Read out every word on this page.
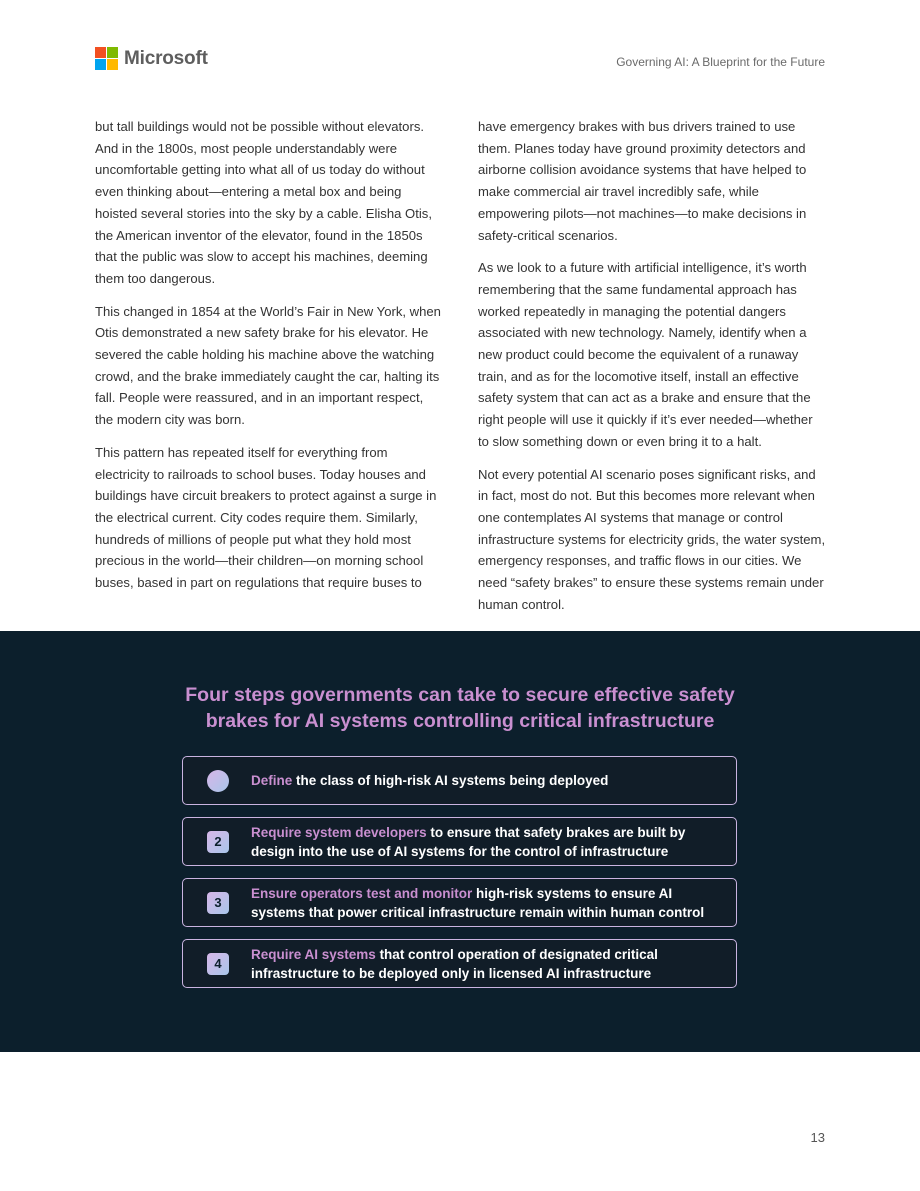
Microsoft	Governing AI: A Blueprint for the Future

but tall buildings would not be possible without elevators. And in the 1800s, most people understandably were uncomfortable getting into what all of us today do without even thinking about—entering a metal box and being hoisted several stories into the sky by a cable. Elisha Otis, the American inventor of the elevator, found in the 1850s that the public was slow to accept his machines, deeming them too dangerous.

This changed in 1854 at the World’s Fair in New York, when Otis demonstrated a new safety brake for his elevator. He severed the cable holding his machine above the watching crowd, and the brake immediately caught the car, halting its fall. People were reassured, and in an important respect, the modern city was born.

This pattern has repeated itself for everything from electricity to railroads to school buses. Today houses and buildings have circuit breakers to protect against a surge in the electrical current. City codes require them. Similarly, hundreds of millions of people put what they hold most precious in the world—their children—on morning school buses, based in part on regulations that require buses to

have emergency brakes with bus drivers trained to use them. Planes today have ground proximity detectors and airborne collision avoidance systems that have helped to make commercial air travel incredibly safe, while empowering pilots—not machines—to make decisions in safety-critical scenarios.

As we look to a future with artificial intelligence, it’s worth remembering that the same fundamental approach has worked repeatedly in managing the potential dangers associated with new technology. Namely, identify when a new product could become the equivalent of a runaway train, and as for the locomotive itself, install an effective safety system that can act as a brake and ensure that the right people will use it quickly if it’s ever needed—whether to slow something down or even bring it to a halt.

Not every potential AI scenario poses significant risks, and in fact, most do not. But this becomes more relevant when one contemplates AI systems that manage or control infrastructure systems for electricity grids, the water system, emergency responses, and traffic flows in our cities. We need “safety brakes” to ensure these systems remain under human control.

Four steps governments can take to secure effective safety
brakes for AI systems controlling critical infrastructure
Define the class of high-risk AI systems being deployed
2
Require system developers to ensure that safety brakes are built by design into the use of AI systems for the control of infrastructure
3
Ensure operators test and monitor high-risk systems to ensure AI systems that power critical infrastructure remain within human control
4
Require AI systems that control operation of designated critical infrastructure to be deployed only in licensed AI infrastructure
13
